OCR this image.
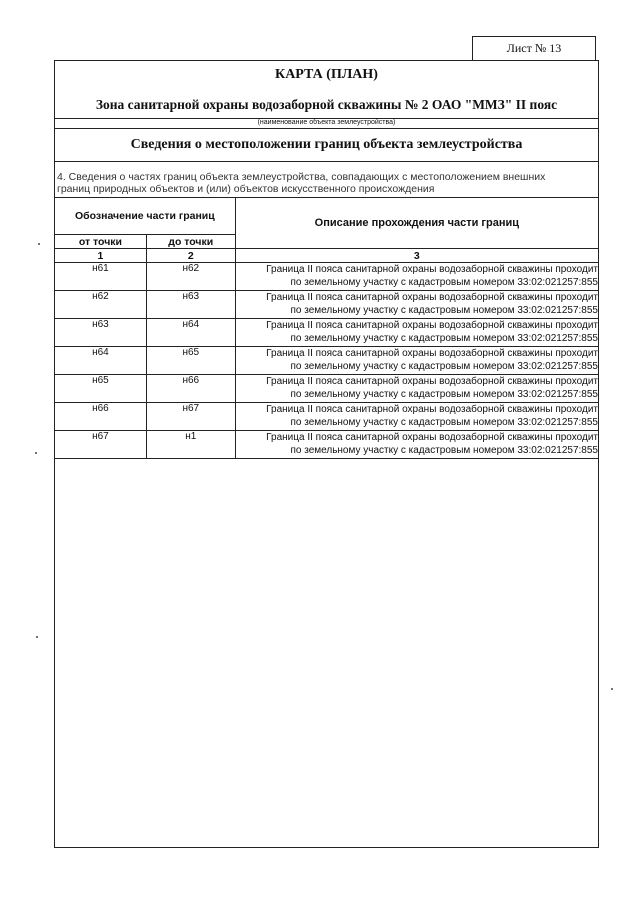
Лист № 13
КАРТА (ПЛАН)
Зона санитарной охраны водозаборной скважины № 2 ОАО "ММЗ" II пояс
(наименование объекта землеустройства)
Сведения о местоположении границ объекта землеустройства
4. Сведения о частях границ объекта землеустройства, совпадающих с местоположением внешних
границ природных объектов и (или) объектов искусственного происхождения
Обозначение части границ		Описание прохождения части границ
от точки	до точки	
1	2	3
н61	н62	Граница II пояса санитарной охраны водозаборной скважины проходит
по земельному участку с кадастровым номером 33:02:021257:855

н62	н63	Граница II пояса санитарной охраны водозаборной скважины проходит
по земельному участку с кадастровым номером 33:02:021257:855

н63	н64	Граница II пояса санитарной охраны водозаборной скважины проходит
по земельному участку с кадастровым номером 33:02:021257:855

н64	н65	Граница II пояса санитарной охраны водозаборной скважины проходит
по земельному участку с кадастровым номером 33:02:021257:855

н65	н66	Граница II пояса санитарной охраны водозаборной скважины проходит
по земельному участку с кадастровым номером 33:02:021257:855

н66	н67	Граница II пояса санитарной охраны водозаборной скважины проходит
по земельному участку с кадастровым номером 33:02:021257:855

н67	н1	Граница II пояса санитарной охраны водозаборной скважины проходит
по земельному участку с кадастровым номером 33:02:021257:855
